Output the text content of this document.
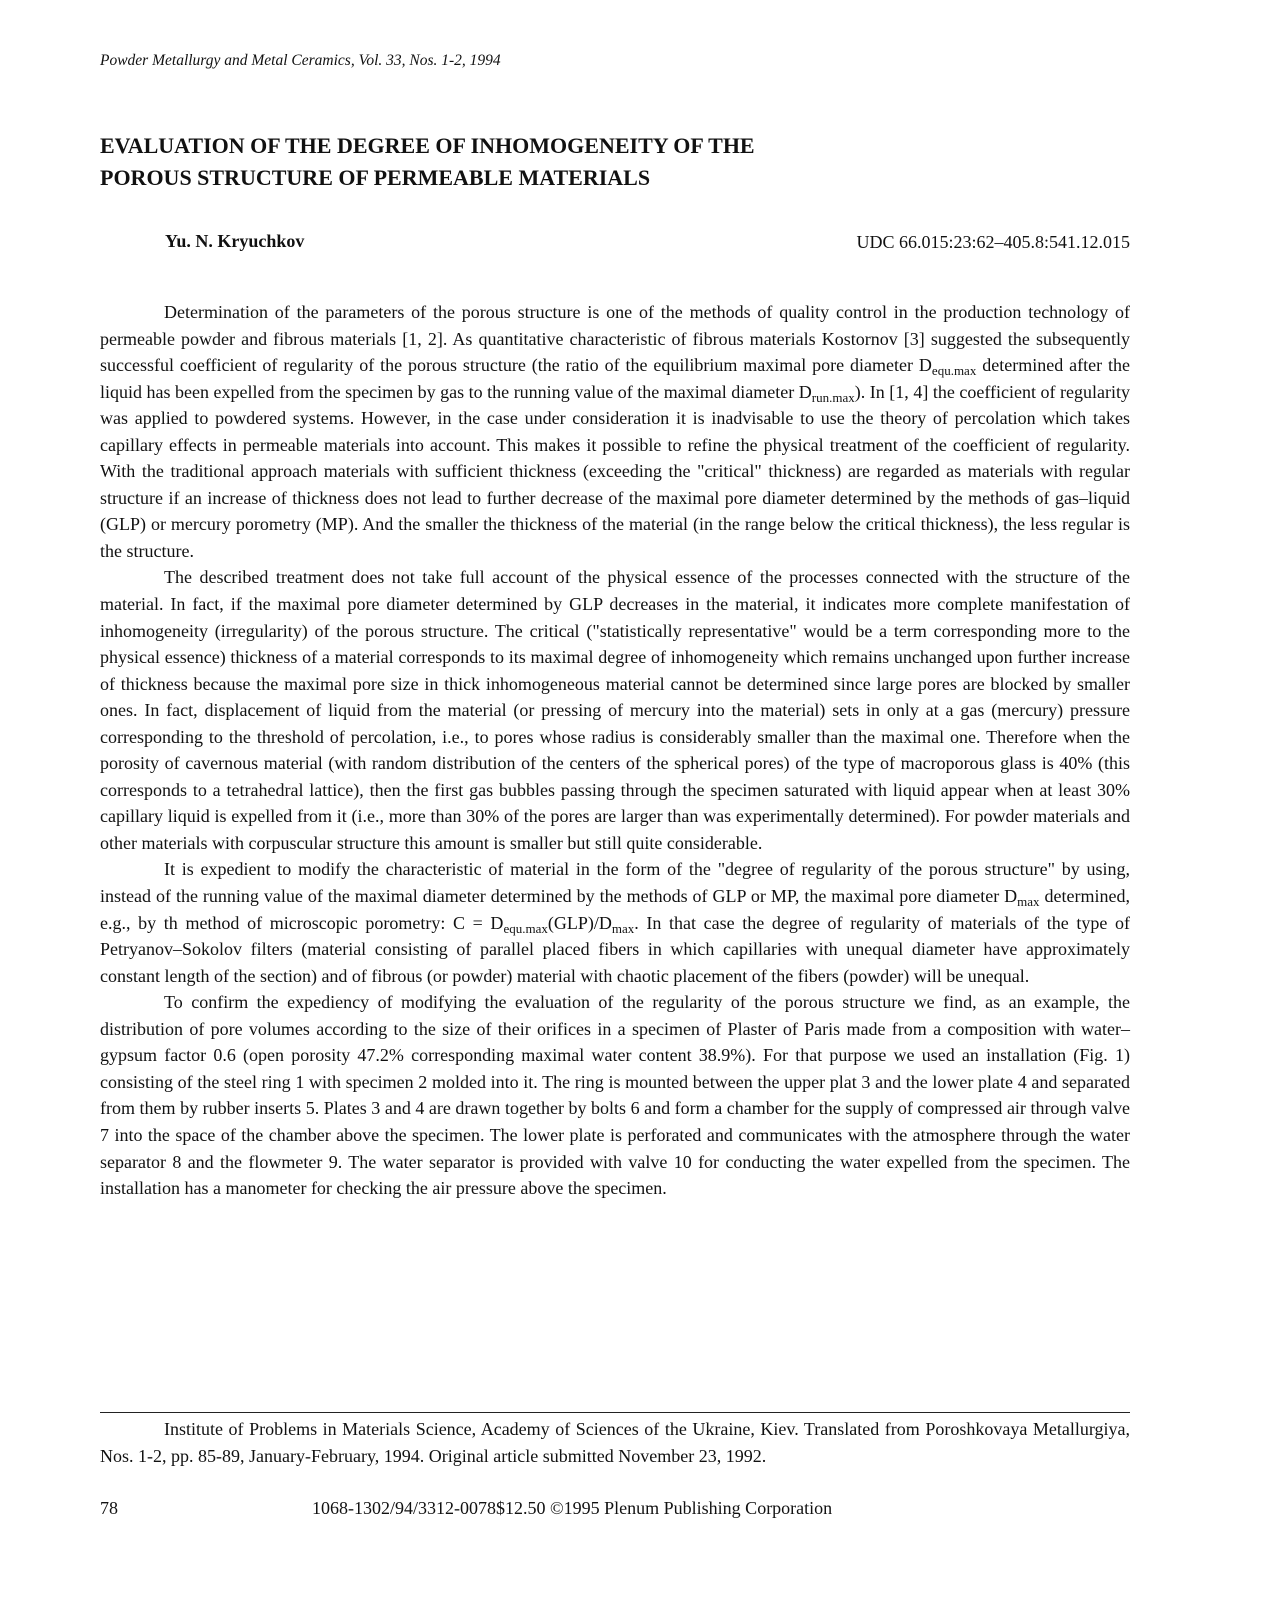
Powder Metallurgy and Metal Ceramics, Vol. 33, Nos. 1-2, 1994
EVALUATION OF THE DEGREE OF INHOMOGENEITY OF THE
POROUS STRUCTURE OF PERMEABLE MATERIALS
Yu. N. Kryuchkov	UDC 66.015:23:62–405.8:541.12.015

Determination of the parameters of the porous structure is one of the methods of quality control in the production technology of permeable powder and fibrous materials [1, 2]. As quantitative characteristic of fibrous materials Kostornov [3] suggested the subsequently successful coefficient of regularity of the porous structure (the ratio of the equilibrium maximal pore diameter $D_{equ.max}$ determined after the liquid has been expelled from the specimen by gas to the running value of the maximal diameter $D_{run.max}$). In [1, 4] the coefficient of regularity was applied to powdered systems. However, in the case under consideration it is inadvisable to use the theory of percolation which takes capillary effects in permeable materials into account. This makes it possible to refine the physical treatment of the coefficient of regularity. With the traditional approach materials with sufficient thickness (exceeding the "critical" thickness) are regarded as materials with regular structure if an increase of thickness does not lead to further decrease of the maximal pore diameter determined by the methods of gas–liquid (GLP) or mercury porometry (MP). And the smaller the thickness of the material (in the range below the critical thickness), the less regular is the structure.

The described treatment does not take full account of the physical essence of the processes connected with the structure of the material. In fact, if the maximal pore diameter determined by GLP decreases in the material, it indicates more complete manifestation of inhomogeneity (irregularity) of the porous structure. The critical ("statistically representative" would be a term corresponding more to the physical essence) thickness of a material corresponds to its maximal degree of inhomogeneity which remains unchanged upon further increase of thickness because the maximal pore size in thick inhomogeneous material cannot be determined since large pores are blocked by smaller ones. In fact, displacement of liquid from the material (or pressing of mercury into the material) sets in only at a gas (mercury) pressure corresponding to the threshold of percolation, i.e., to pores whose radius is considerably smaller than the maximal one. Therefore when the porosity of cavernous material (with random distribution of the centers of the spherical pores) of the type of macroporous glass is 40% (this corresponds to a tetrahedral lattice), then the first gas bubbles passing through the specimen saturated with liquid appear when at least 30% capillary liquid is expelled from it (i.e., more than 30% of the pores are larger than was experimentally determined). For powder materials and other materials with corpuscular structure this amount is smaller but still quite considerable.

It is expedient to modify the characteristic of material in the form of the "degree of regularity of the porous structure" by using, instead of the running value of the maximal diameter determined by the methods of GLP or MP, the maximal pore diameter $D_{max}$ determined, e.g., by th method of microscopic porometry: $C = D_{equ.max}(GLP)/D_{max}$. In that case the degree of regularity of materials of the type of Petryanov–Sokolov filters (material consisting of parallel placed fibers in which capillaries with unequal diameter have approximately constant length of the section) and of fibrous (or powder) material with chaotic placement of the fibers (powder) will be unequal.

To confirm the expediency of modifying the evaluation of the regularity of the porous structure we find, as an example, the distribution of pore volumes according to the size of their orifices in a specimen of Plaster of Paris made from a composition with water–gypsum factor 0.6 (open porosity 47.2% corresponding maximal water content 38.9%). For that purpose we used an installation (Fig. 1) consisting of the steel ring 1 with specimen 2 molded into it. The ring is mounted between the upper plat 3 and the lower plate 4 and separated from them by rubber inserts 5. Plates 3 and 4 are drawn together by bolts 6 and form a chamber for the supply of compressed air through valve 7 into the space of the chamber above the specimen. The lower plate is perforated and communicates with the atmosphere through the water separator 8 and the flowmeter 9. The water separator is provided with valve 10 for conducting the water expelled from the specimen. The installation has a manometer for checking the air pressure above the specimen.

Institute of Problems in Materials Science, Academy of Sciences of the Ukraine, Kiev. Translated from Poroshkovaya Metallurgiya, Nos. 1-2, pp. 85-89, January-February, 1994. Original article submitted November 23, 1992.
78	1068-1302/94/3312-0078$12.50 ©1995 Plenum Publishing Corporation
